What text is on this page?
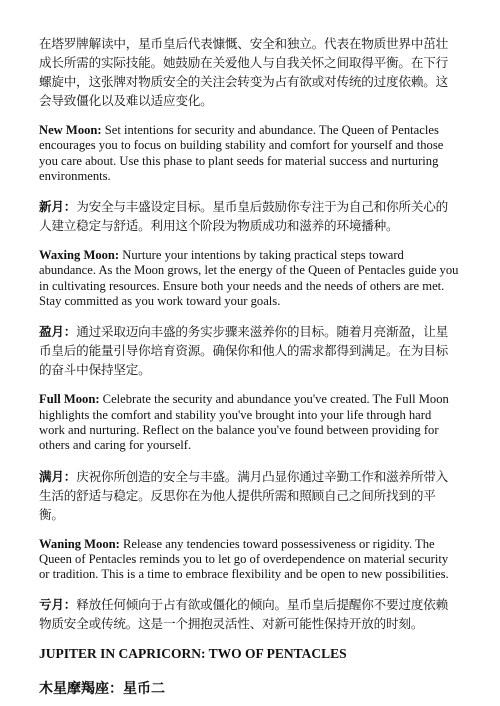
在塔罗牌解读中，星币皇后代表慷慨、安全和独立。代表在物质世界中茁壮成长所需的实际技能。她鼓励在关爱他人与自我关怀之间取得平衡。在下行螺旋中，这张牌对物质安全的关注会转变为占有欲或对传统的过度依赖。这会导致僵化以及难以适应变化。

New Moon: Set intentions for security and abundance. The Queen of Pentacles encourages you to focus on building stability and comfort for yourself and those you care about. Use this phase to plant seeds for material success and nurturing environments.

新月：为安全与丰盛设定目标。星币皇后鼓励你专注于为自己和你所关心的人建立稳定与舒适。利用这个阶段为物质成功和滋养的环境播种。

Waxing Moon: Nurture your intentions by taking practical steps toward abundance. As the Moon grows, let the energy of the Queen of Pentacles guide you in cultivating resources. Ensure both your needs and the needs of others are met. Stay committed as you work toward your goals.

盈月：通过采取迈向丰盛的务实步骤来滋养你的目标。随着月亮渐盈，让星币皇后的能量引导你培育资源。确保你和他人的需求都得到满足。在为目标的奋斗中保持坚定。

Full Moon: Celebrate the security and abundance you've created. The Full Moon highlights the comfort and stability you've brought into your life through hard work and nurturing. Reflect on the balance you've found between providing for others and caring for yourself.

满月：庆祝你所创造的安全与丰盛。满月凸显你通过辛勤工作和滋养所带入生活的舒适与稳定。反思你在为他人提供所需和照顾自己之间所找到的平衡。

Waning Moon: Release any tendencies toward possessiveness or rigidity. The Queen of Pentacles reminds you to let go of overdependence on material security or tradition. This is a time to embrace flexibility and be open to new possibilities.

亏月：释放任何倾向于占有欲或僵化的倾向。星币皇后提醒你不要过度依赖物质安全或传统。这是一个拥抱灵活性、对新可能性保持开放的时刻。

JUPITER IN CAPRICORN: TWO OF PENTACLES
木星摩羯座：星币二
